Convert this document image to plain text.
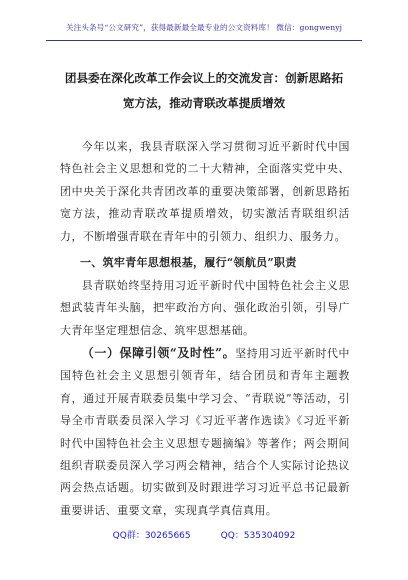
关注头条号“公文研究”，获得最新最全最专业的公文资料库！ 微信：gongwenyj
团县委在深化改革工作会议上的交流发言：创新思路拓宽方法，推动青联改革提质增效

今年以来，我县青联深入学习贯彻习近平新时代中国特色社会主义思想和党的二十大精神，全面落实党中央、团中央关于深化共青团改革的重要决策部署，创新思路拓宽方法，推动青联改革提质增效，切实激活青联组织活力，不断增强青联在青年中的引领力、组织力、服务力。

一、筑牢青年思想根基，履行“领航员”职责

县青联始终坚持用习近平新时代中国特色社会主义思想武装青年头脑，把牢政治方向、强化政治引领，引导广大青年坚定理想信念、筑牢思想基础。

（一）保障引领“及时性”。坚持用习近平新时代中国特色社会主义思想引领青年，结合团员和青年主题教育，通过开展青联委员集中学习会、“青联说”等活动，引导全市青联委员深入学习《习近平著作选读》《习近平新时代中国特色社会主义思想专题摘编》等著作；两会期间组织青联委员深入学习两会精神，结合个人实际讨论热议两会热点话题。切实做到及时跟进学习习近平总书记最新重要讲话、重要文章，实现真学真信真用。

QQ群：30265665	QQ：535304092
